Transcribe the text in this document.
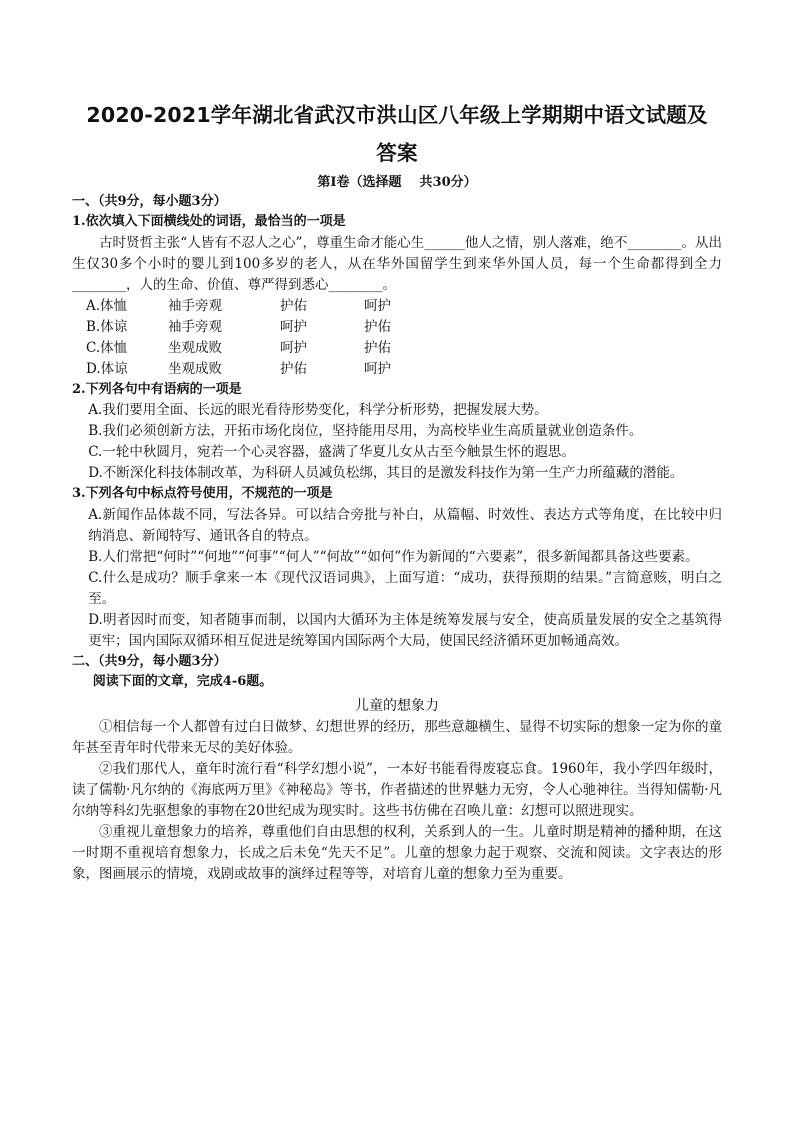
2020-2021学年湖北省武汉市洪山区八年级上学期期中语文试题及
答案
第Ⅰ卷（选择题    共30分）
一、（共9分，每小题3分）
1.依次填入下面横线处的词语，最恰当的一项是
古时贤哲主张“人皆有不忍人之心”，尊重生命才能心生______他人之情，别人落难，绝不________。从出生仅30多个小时的婴儿到100多岁的老人，从在华外国留学生到来华外国人员，每一个生命都得到全力________，人的生命、价值、尊严得到悉心________。
A.体恤	袖手旁观	护佑	呵护
B.体谅	袖手旁观	呵护	护佑
C.体恤	坐观成败	呵护	护佑
D.体谅	坐观成败	护佑	呵护
2.下列各句中有语病的一项是
A.我们要用全面、长远的眼光看待形势变化，科学分析形势，把握发展大势。
B.我们必须创新方法，开拓市场化岗位，坚持能用尽用，为高校毕业生高质量就业创造条件。
C.一轮中秋圆月，宛若一个心灵容器，盛满了华夏儿女从古至今触景生怀的遐思。
D.不断深化科技体制改革，为科研人员减负松绑，其目的是激发科技作为第一生产力所蕴藏的潜能。
3.下列各句中标点符号使用，不规范的一项是
A.新闻作品体裁不同，写法各异。可以结合旁批与补白，从篇幅、时效性、表达方式等角度，在比较中归纳消息、新闻特写、通讯各自的特点。
B.人们常把“何时”“何地”“何事”“何人”“何故”“如何”作为新闻的“六要素”，很多新闻都具备这些要素。
C.什么是成功？顺手拿来一本《现代汉语词典》，上面写道：“成功，获得预期的结果。”言简意赅，明白之至。
D.明者因时而变，知者随事而制，以国内大循环为主体是统筹发展与安全，使高质量发展的安全之基筑得更牢；国内国际双循环相互促进是统筹国内国际两个大局，使国民经济循环更加畅通高效。
二、（共9分，每小题3分）
阅读下面的文章，完成4-6题。
儿童的想象力
①相信每一个人都曾有过白日做梦、幻想世界的经历，那些意趣横生、显得不切实际的想象一定为你的童年甚至青年时代带来无尽的美好体验。
②我们那代人，童年时流行看“科学幻想小说”，一本好书能看得废寝忘食。1960年，我小学四年级时，读了儒勒·凡尔纳的《海底两万里》《神秘岛》等书，作者描述的世界魅力无穷，令人心驰神往。当得知儒勒·凡尔纳等科幻先驱想象的事物在20世纪成为现实时。这些书仿佛在召唤儿童：幻想可以照进现实。
③重视儿童想象力的培养，尊重他们自由思想的权利，关系到人的一生。儿童时期是精神的播种期，在这一时期不重视培育想象力，长成之后未免“先天不足”。儿童的想象力起于观察、交流和阅读。文字表达的形象，图画展示的情境，戏剧或故事的演绎过程等等，对培育儿童的想象力至为重要。
